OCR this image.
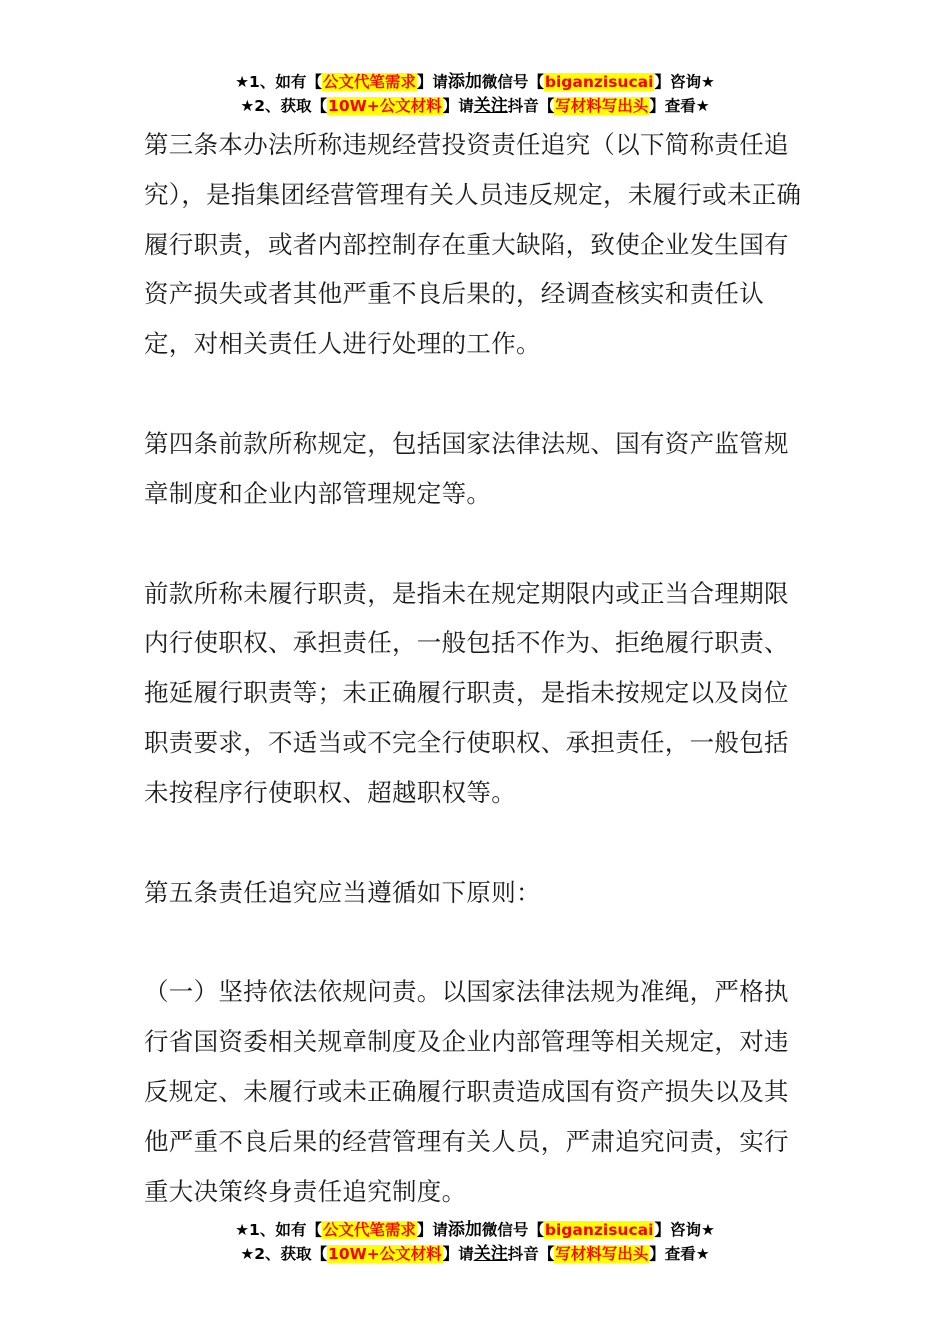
★1、如有【公文代笔需求】请添加微信号【biganzisucai】咨询★
★2、获取【10W+公文材料】请关注抖音【写材料写出头】查看★

第三条本办法所称违规经营投资责任追究（以下简称责任追究），是指集团经营管理有关人员违反规定，未履行或未正确履行职责，或者内部控制存在重大缺陷，致使企业发生国有资产损失或者其他严重不良后果的，经调查核实和责任认定，对相关责任人进行处理的工作。

第四条前款所称规定，包括国家法律法规、国有资产监管规章制度和企业内部管理规定等。

前款所称未履行职责，是指未在规定期限内或正当合理期限内行使职权、承担责任，一般包括不作为、拒绝履行职责、拖延履行职责等；未正确履行职责，是指未按规定以及岗位职责要求，不适当或不完全行使职权、承担责任，一般包括未按程序行使职权、超越职权等。

第五条责任追究应当遵循如下原则：

（一）坚持依法依规问责。以国家法律法规为准绳，严格执行省国资委相关规章制度及企业内部管理等相关规定，对违反规定、未履行或未正确履行职责造成国有资产损失以及其他严重不良后果的经营管理有关人员，严肃追究问责，实行重大决策终身责任追究制度。

★1、如有【公文代笔需求】请添加微信号【biganzisucai】咨询★
★2、获取【10W+公文材料】请关注抖音【写材料写出头】查看★
